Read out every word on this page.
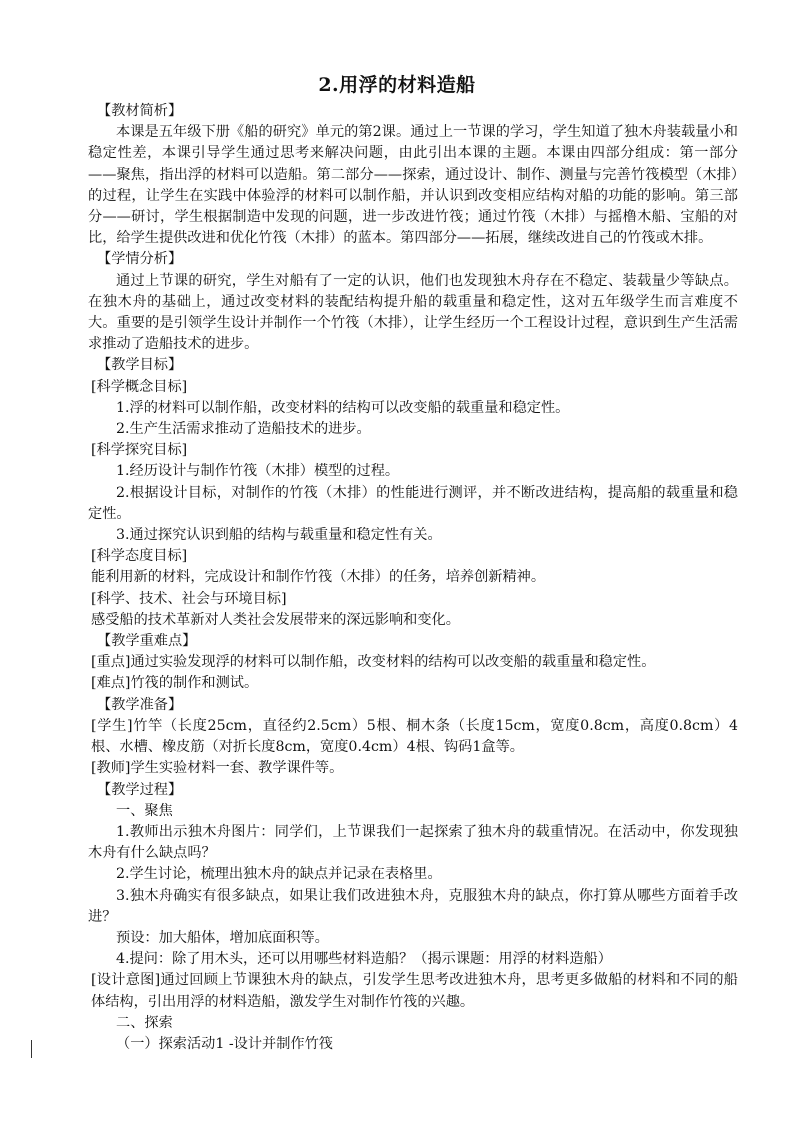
2.用浮的材料造船

【教材简析】

本课是五年级下册《船的研究》单元的第2课。通过上一节课的学习，学生知道了独木舟装载量小和稳定性差，本课引导学生通过思考来解决问题，由此引出本课的主题。本课由四部分组成：第一部分——聚焦，指出浮的材料可以造船。第二部分——探索，通过设计、制作、测量与完善竹筏模型（木排）的过程，让学生在实践中体验浮的材料可以制作船，并认识到改变相应结构对船的功能的影响。第三部分——研讨，学生根据制造中发现的问题，进一步改进竹筏；通过竹筏（木排）与摇橹木船、宝船的对比，给学生提供改进和优化竹筏（木排）的蓝本。第四部分——拓展，继续改进自己的竹筏或木排。

【学情分析】

通过上节课的研究，学生对船有了一定的认识，他们也发现独木舟存在不稳定、装载量少等缺点。在独木舟的基础上，通过改变材料的装配结构提升船的载重量和稳定性，这对五年级学生而言难度不大。重要的是引领学生设计并制作一个竹筏（木排），让学生经历一个工程设计过程，意识到生产生活需求推动了造船技术的进步。

【教学目标】

[科学概念目标]

1.浮的材料可以制作船，改变材料的结构可以改变船的载重量和稳定性。

2.生产生活需求推动了造船技术的进步。

[科学探究目标]

1.经历设计与制作竹筏（木排）模型的过程。

2.根据设计目标，对制作的竹筏（木排）的性能进行测评，并不断改进结构，提高船的载重量和稳定性。

3.通过探究认识到船的结构与载重量和稳定性有关。

[科学态度目标]

能利用新的材料，完成设计和制作竹筏（木排）的任务，培养创新精神。

[科学、技术、社会与环境目标]

感受船的技术革新对人类社会发展带来的深远影响和变化。

【教学重难点】

[重点]通过实验发现浮的材料可以制作船，改变材料的结构可以改变船的载重量和稳定性。

[难点]竹筏的制作和测试。

【教学准备】

[学生]竹竿（长度25cm，直径约2.5cm）5根、桐木条（长度15cm，宽度0.8cm，高度0.8cm）4根、水槽、橡皮筋（对折长度8cm，宽度0.4cm）4根、钩码1盒等。

[教师]学生实验材料一套、教学课件等。

【教学过程】

一、聚焦

1.教师出示独木舟图片：同学们，上节课我们一起探索了独木舟的载重情况。在活动中，你发现独木舟有什么缺点吗？

2.学生讨论，梳理出独木舟的缺点并记录在表格里。

3.独木舟确实有很多缺点，如果让我们改进独木舟，克服独木舟的缺点，你打算从哪些方面着手改进？

预设：加大船体，增加底面积等。

4.提问：除了用木头，还可以用哪些材料造船？（揭示课题：用浮的材料造船）

[设计意图]通过回顾上节课独木舟的缺点，引发学生思考改进独木舟，思考更多做船的材料和不同的船体结构，引出用浮的材料造船，激发学生对制作竹筏的兴趣。

二、探索

（一）探索活动1 -设计并制作竹筏
